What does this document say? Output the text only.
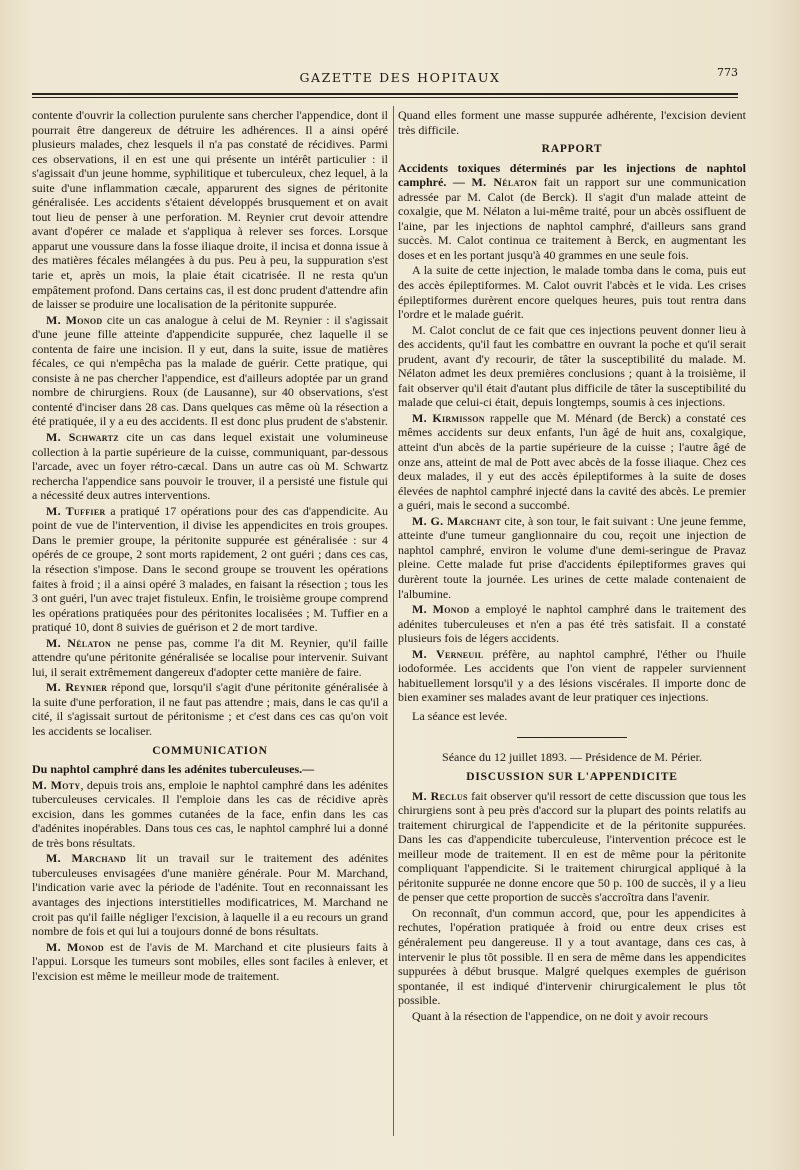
GAZETTE DES HOPITAUX	773

contente d'ouvrir la collection purulente sans chercher l'appendice, dont il pourrait être dangereux de détruire les adhérences. Il a ainsi opéré plusieurs malades, chez lesquels il n'a pas constaté de récidives. Parmi ces observations, il en est une qui présente un intérêt particulier : il s'agissait d'un jeune homme, syphilitique et tuberculeux, chez lequel, à la suite d'une inflammation cæcale, apparurent des signes de péritonite généralisée. Les accidents s'étaient développés brusquement et on avait tout lieu de penser à une perforation. M. Reynier crut devoir attendre avant d'opérer ce malade et s'appliqua à relever ses forces. Lorsque apparut une voussure dans la fosse iliaque droite, il incisa et donna issue à des matières fécales mélangées à du pus. Peu à peu, la suppuration s'est tarie et, après un mois, la plaie était cicatrisée. Il ne resta qu'un empâtement profond. Dans certains cas, il est donc prudent d'attendre afin de laisser se produire une localisation de la péritonite suppurée.

M. Monod cite un cas analogue à celui de M. Reynier : il s'agissait d'une jeune fille atteinte d'appendicite suppurée, chez laquelle il se contenta de faire une incision. Il y eut, dans la suite, issue de matières fécales, ce qui n'empêcha pas la malade de guérir. Cette pratique, qui consiste à ne pas chercher l'appendice, est d'ailleurs adoptée par un grand nombre de chirurgiens. Roux (de Lausanne), sur 40 observations, s'est contenté d'inciser dans 28 cas. Dans quelques cas même où la résection a été pratiquée, il y a eu des accidents. Il est donc plus prudent de s'abstenir.

M. Schwartz cite un cas dans lequel existait une volumineuse collection à la partie supérieure de la cuisse, communiquant, par-dessous l'arcade, avec un foyer rétro-cæcal. Dans un autre cas où M. Schwartz rechercha l'appendice sans pouvoir le trouver, il a persisté une fistule qui a nécessité deux autres interventions.

M. Tuffier a pratiqué 17 opérations pour des cas d'appendicite. Au point de vue de l'intervention, il divise les appendicites en trois groupes. Dans le premier groupe, la péritonite suppurée est généralisée : sur 4 opérés de ce groupe, 2 sont morts rapidement, 2 ont guéri ; dans ces cas, la résection s'impose. Dans le second groupe se trouvent les opérations faites à froid ; il a ainsi opéré 3 malades, en faisant la résection ; tous les 3 ont guéri, l'un avec trajet fistuleux. Enfin, le troisième groupe comprend les opérations pratiquées pour des péritonites localisées ; M. Tuffier en a pratiqué 10, dont 8 suivies de guérison et 2 de mort tardive.

M. Nélaton ne pense pas, comme l'a dit M. Reynier, qu'il faille attendre qu'une péritonite généralisée se localise pour intervenir. Suivant lui, il serait extrêmement dangereux d'adopter cette manière de faire.

M. Reynier répond que, lorsqu'il s'agit d'une péritonite généralisée à la suite d'une perforation, il ne faut pas attendre ; mais, dans le cas qu'il a cité, il s'agissait surtout de péritonisme ; et c'est dans ces cas qu'on voit les accidents se localiser.

COMMUNICATION

Du naphtol camphré dans les adénites tuberculeuses.—

M. Moty, depuis trois ans, emploie le naphtol camphré dans les adénites tuberculeuses cervicales. Il l'emploie dans les cas de récidive après excision, dans les gommes cutanées de la face, enfin dans les cas d'adénites inopérables. Dans tous ces cas, le naphtol camphré lui a donné de très bons résultats.

M. Marchand lit un travail sur le traitement des adénites tuberculeuses envisagées d'une manière générale. Pour M. Marchand, l'indication varie avec la période de l'adénite. Tout en reconnaissant les avantages des injections interstitielles modificatrices, M. Marchand ne croit pas qu'il faille négliger l'excision, à laquelle il a eu recours un grand nombre de fois et qui lui a toujours donné de bons résultats.

M. Monod est de l'avis de M. Marchand et cite plusieurs faits à l'appui. Lorsque les tumeurs sont mobiles, elles sont faciles à enlever, et l'excision est même le meilleur mode de traitement.

Quand elles forment une masse suppurée adhérente, l'excision devient très difficile.

RAPPORT

Accidents toxiques déterminés par les injections de naphtol camphré. — M. Nélaton fait un rapport sur une communication adressée par M. Calot (de Berck). Il s'agit d'un malade atteint de coxalgie, que M. Nélaton a lui-même traité, pour un abcès ossifluent de l'aine, par les injections de naphtol camphré, d'ailleurs sans grand succès. M. Calot continua ce traitement à Berck, en augmentant les doses et en les portant jusqu'à 40 grammes en une seule fois.

A la suite de cette injection, le malade tomba dans le coma, puis eut des accès épileptiformes. M. Calot ouvrit l'abcès et le vida. Les crises épileptiformes durèrent encore quelques heures, puis tout rentra dans l'ordre et le malade guérit.

M. Calot conclut de ce fait que ces injections peuvent donner lieu à des accidents, qu'il faut les combattre en ouvrant la poche et qu'il serait prudent, avant d'y recourir, de tâter la susceptibilité du malade. M. Nélaton admet les deux premières conclusions ; quant à la troisième, il fait observer qu'il était d'autant plus difficile de tâter la susceptibilité du malade que celui-ci était, depuis longtemps, soumis à ces injections.

M. Kirmisson rappelle que M. Ménard (de Berck) a constaté ces mêmes accidents sur deux enfants, l'un âgé de huit ans, coxalgique, atteint d'un abcès de la partie supérieure de la cuisse ; l'autre âgé de onze ans, atteint de mal de Pott avec abcès de la fosse iliaque. Chez ces deux malades, il y eut des accès épileptiformes à la suite de doses élevées de naphtol camphré injecté dans la cavité des abcès. Le premier a guéri, mais le second a succombé.

M. G. Marchant cite, à son tour, le fait suivant : Une jeune femme, atteinte d'une tumeur ganglionnaire du cou, reçoit une injection de naphtol camphré, environ le volume d'une demi-seringue de Pravaz pleine. Cette malade fut prise d'accidents épileptiformes graves qui durèrent toute la journée. Les urines de cette malade contenaient de l'albumine.

M. Monod a employé le naphtol camphré dans le traitement des adénites tuberculeuses et n'en a pas été très satisfait. Il a constaté plusieurs fois de légers accidents.

M. Verneuil préfère, au naphtol camphré, l'éther ou l'huile iodoformée. Les accidents que l'on vient de rappeler surviennent habituellement lorsqu'il y a des lésions viscérales. Il importe donc de bien examiner ses malades avant de leur pratiquer ces injections.

La séance est levée.

Séance du 12 juillet 1893. — Présidence de M. Périer.

DISCUSSION SUR L'APPENDICITE

M. Reclus fait observer qu'il ressort de cette discussion que tous les chirurgiens sont à peu près d'accord sur la plupart des points relatifs au traitement chirurgical de l'appendicite et de la péritonite suppurées. Dans les cas d'appendicite tuberculeuse, l'intervention précoce est le meilleur mode de traitement. Il en est de même pour la péritonite compliquant l'appendicite. Si le traitement chirurgical appliqué à la péritonite suppurée ne donne encore que 50 p. 100 de succès, il y a lieu de penser que cette proportion de succès s'accroîtra dans l'avenir.

On reconnaît, d'un commun accord, que, pour les appendicites à rechutes, l'opération pratiquée à froid ou entre deux crises est généralement peu dangereuse. Il y a tout avantage, dans ces cas, à intervenir le plus tôt possible. Il en sera de même dans les appendicites suppurées à début brusque. Malgré quelques exemples de guérison spontanée, il est indiqué d'intervenir chirurgicalement le plus tôt possible.

Quant à la résection de l'appendice, on ne doit y avoir recours
